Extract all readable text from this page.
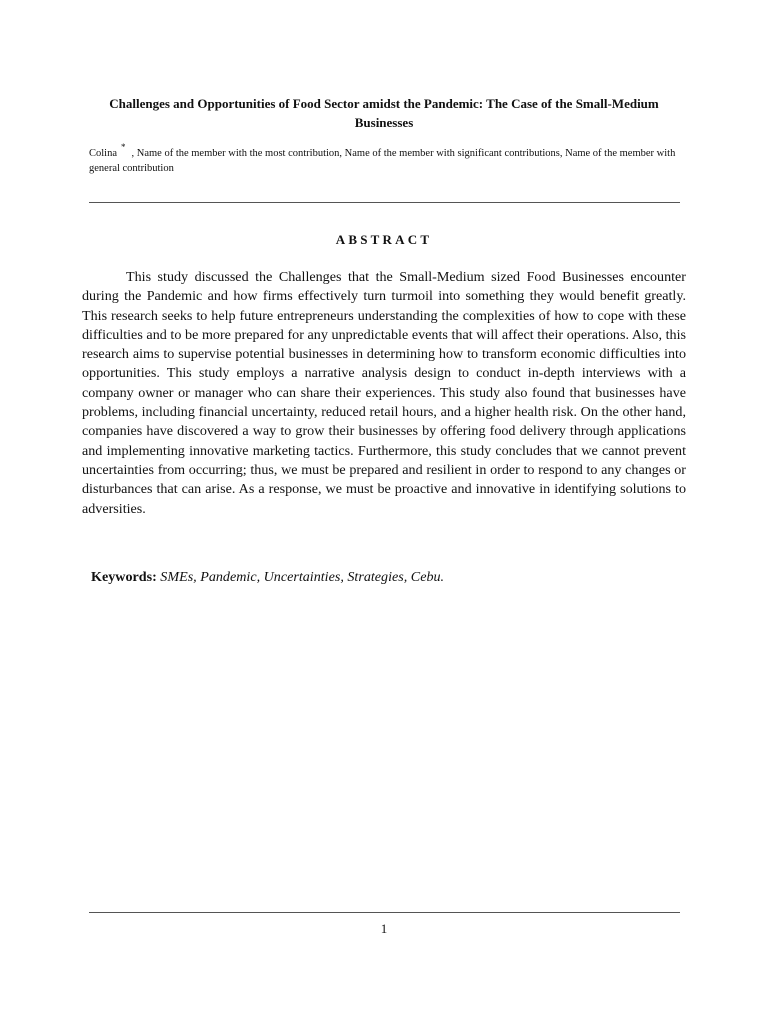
Challenges and Opportunities of Food Sector amidst the Pandemic: The Case of the Small-Medium Businesses

Colina*, Name of the member with the most contribution, Name of the member with significant contributions, Name of the member with general contribution

ABSTRACT

This study discussed the Challenges that the Small-Medium sized Food Businesses encounter during the Pandemic and how firms effectively turn turmoil into something they would benefit greatly. This research seeks to help future entrepreneurs understanding the complexities of how to cope with these difficulties and to be more prepared for any unpredictable events that will affect their operations. Also, this research aims to supervise potential businesses in determining how to transform economic difficulties into opportunities. This study employs a narrative analysis design to conduct in-depth interviews with a company owner or manager who can share their experiences. This study also found that businesses have problems, including financial uncertainty, reduced retail hours, and a higher health risk. On the other hand, companies have discovered a way to grow their businesses by offering food delivery through applications and implementing innovative marketing tactics. Furthermore, this study concludes that we cannot prevent uncertainties from occurring; thus, we must be prepared and resilient in order to respond to any changes or disturbances that can arise. As a response, we must be proactive and innovative in identifying solutions to adversities.

Keywords: SMEs, Pandemic, Uncertainties, Strategies, Cebu.

1
